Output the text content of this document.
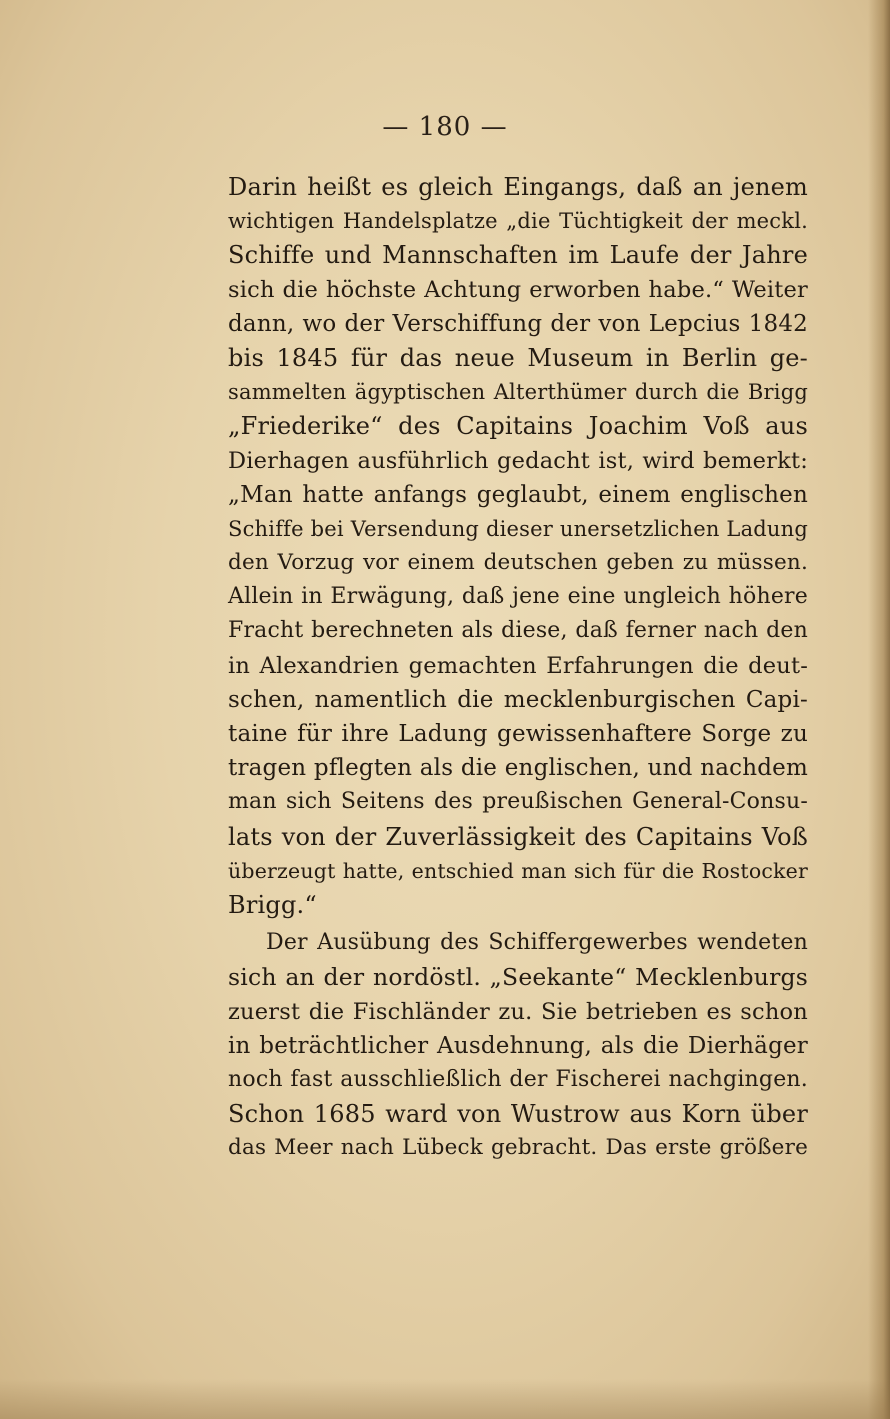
— 180 —
Darin heißt es gleich Eingangs, daß an jenem
wichtigen Handelsplatze „die Tüchtigkeit der meckl.
Schiffe und Mannschaften im Laufe der Jahre
sich die höchste Achtung erworben habe.“ Weiter
dann, wo der Verschiffung der von Lepcius 1842
bis 1845 für das neue Museum in Berlin ge-
sammelten ägyptischen Alterthümer durch die Brigg
„Friederike“ des Capitains Joachim Voß aus
Dierhagen ausführlich gedacht ist, wird bemerkt:
„Man hatte anfangs geglaubt, einem englischen
Schiffe bei Versendung dieser unersetzlichen Ladung
den Vorzug vor einem deutschen geben zu müssen.
Allein in Erwägung, daß jene eine ungleich höhere
Fracht berechneten als diese, daß ferner nach den
in Alexandrien gemachten Erfahrungen die deut-
schen, namentlich die mecklenburgischen Capi-
taine für ihre Ladung gewissenhaftere Sorge zu
tragen pflegten als die englischen, und nachdem
man sich Seitens des preußischen General-Consu-
lats von der Zuverlässigkeit des Capitains Voß
überzeugt hatte, entschied man sich für die Rostocker
Brigg.“
Der Ausübung des Schiffergewerbes wendeten
sich an der nordöstl. „Seekante“ Mecklenburgs
zuerst die Fischländer zu. Sie betrieben es schon
in beträchtlicher Ausdehnung, als die Dierhäger
noch fast ausschließlich der Fischerei nachgingen.
Schon 1685 ward von Wustrow aus Korn über
das Meer nach Lübeck gebracht. Das erste größere
